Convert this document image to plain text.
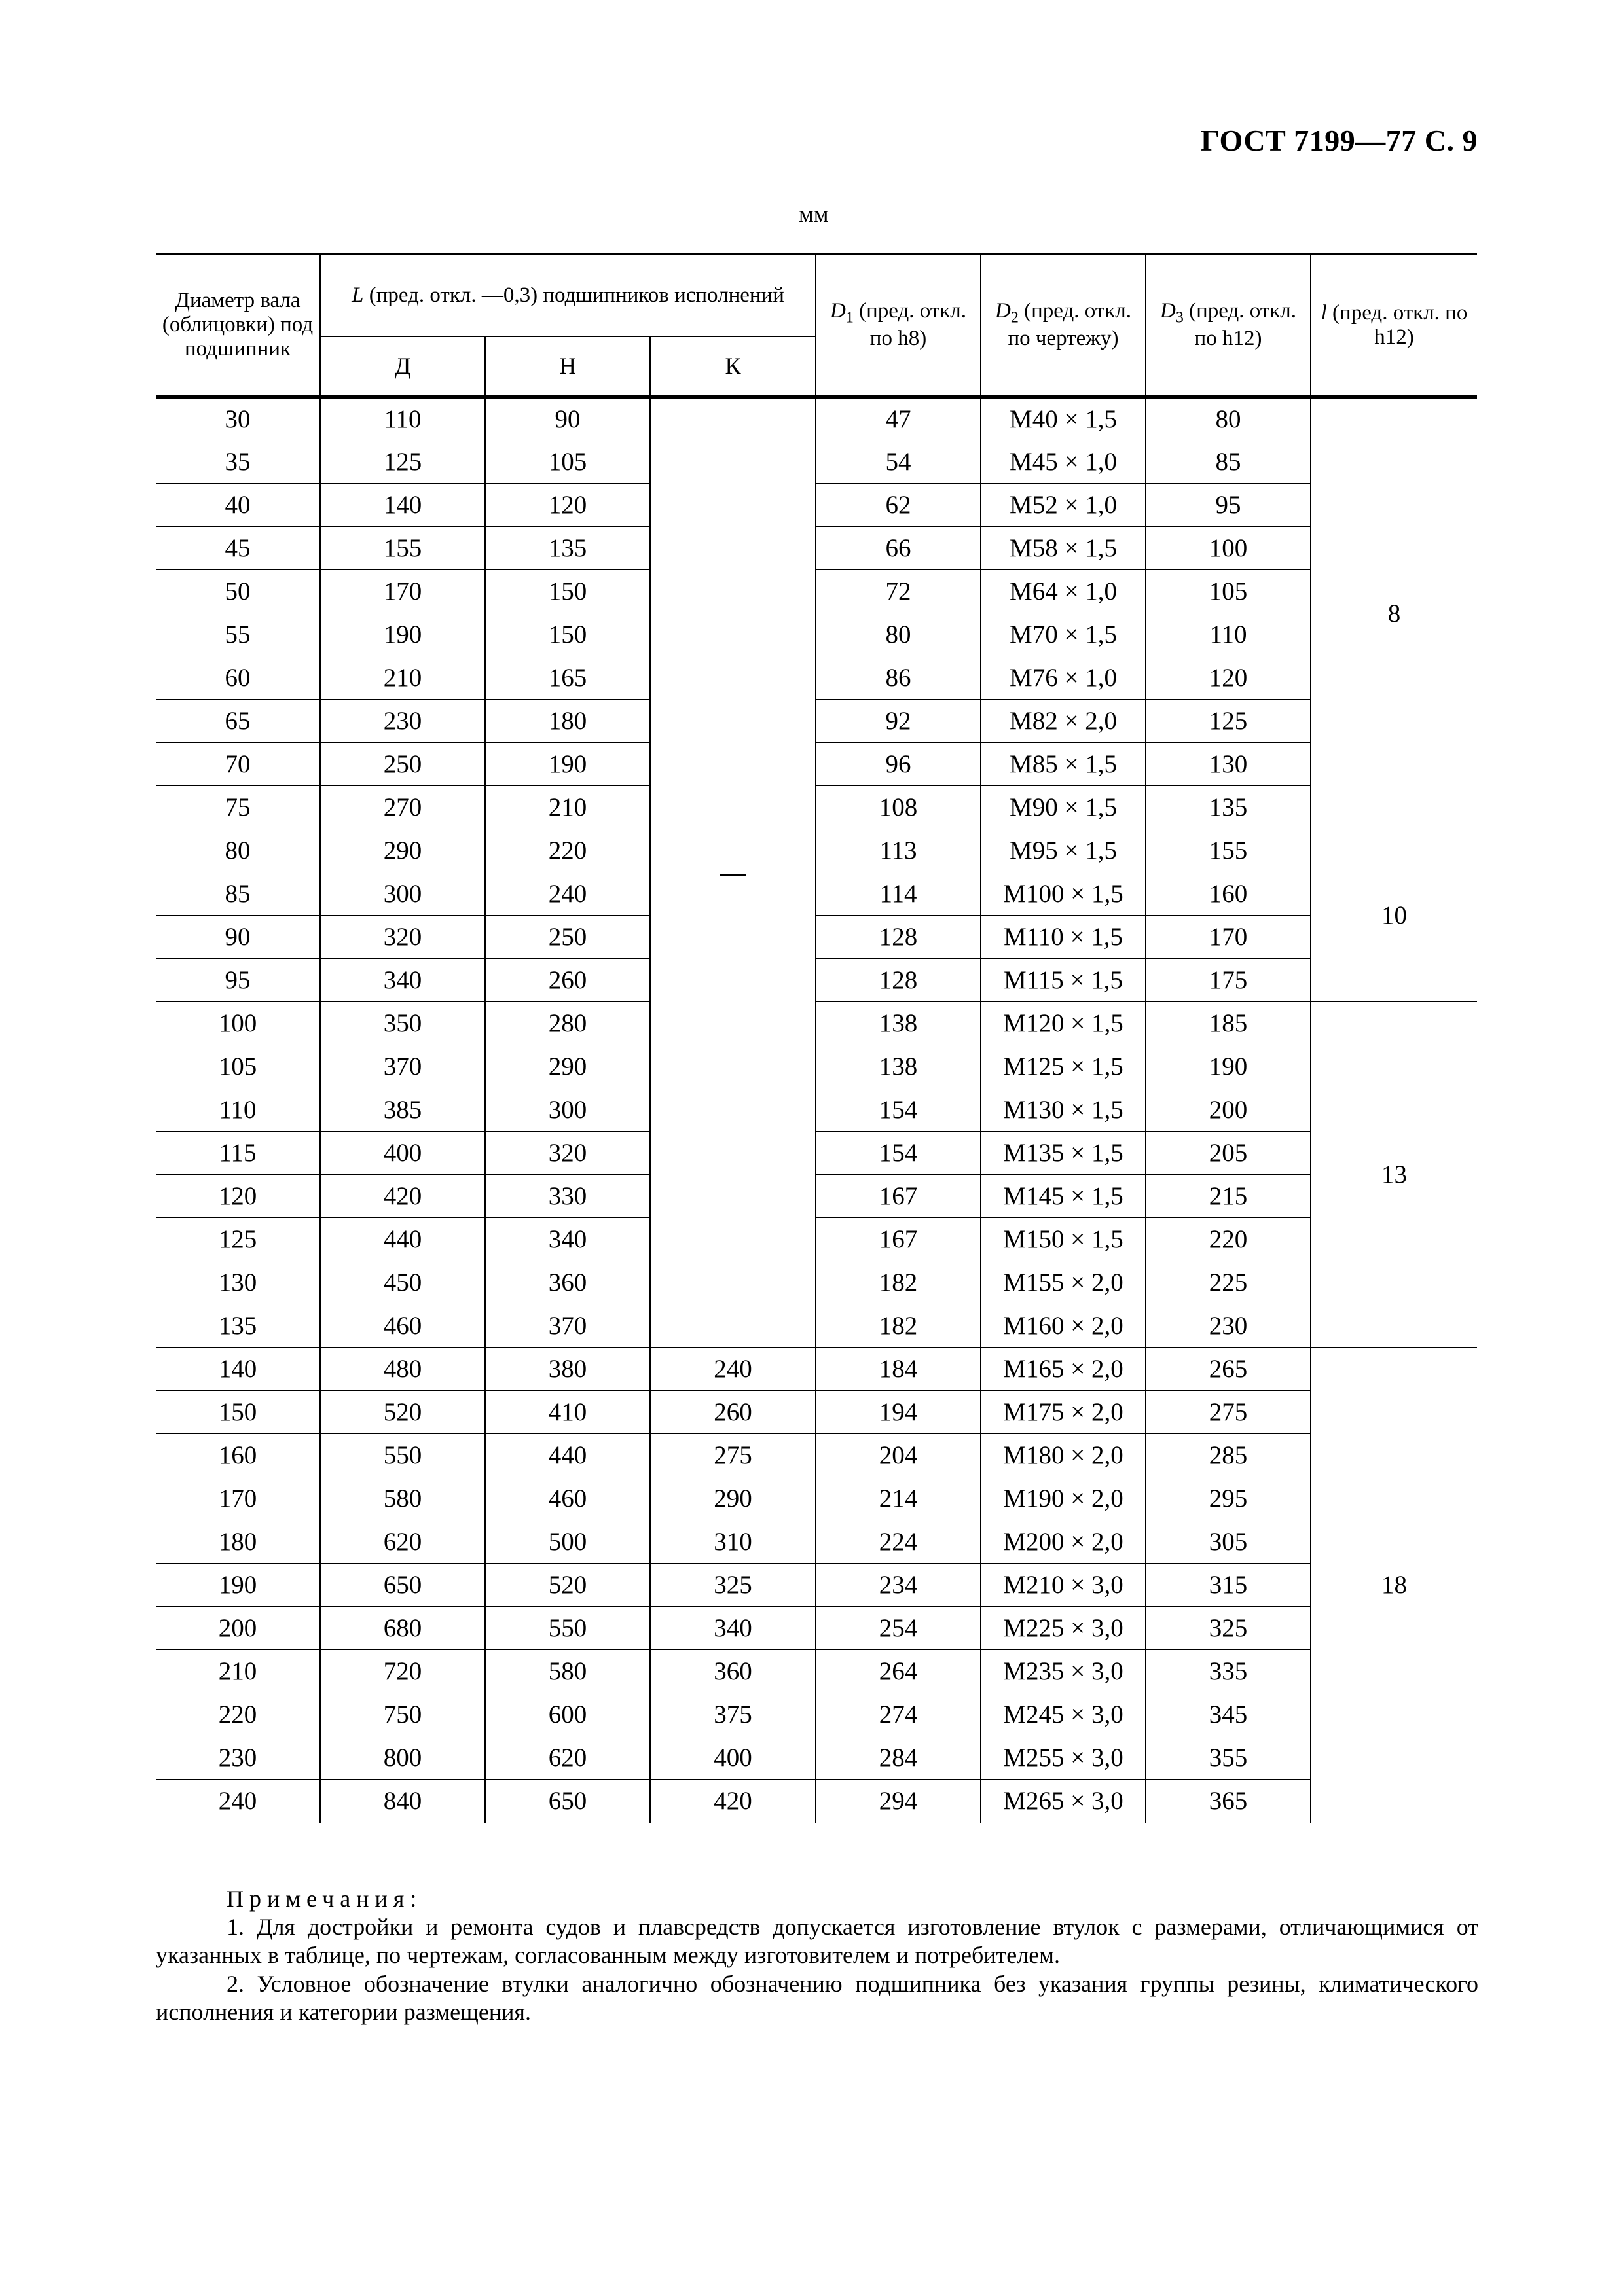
ГОСТ 7199—77 С. 9
мм
Диаметр вала (облицовки) под подшипник	L (пред. откл. —0,3) подшипников исполнений			$D_1$ (пред. откл. по h8)	$D_2$ (пред. откл. по чертежу)	$D_3$ (пред. откл. по h12)	l (пред. откл. по h12)
	Д	Н	К				
30	110	90	—	47	M40 × 1,5	80	8
35	125	105		54	M45 × 1,0	85	
40	140	120		62	M52 × 1,0	95	
45	155	135		66	M58 × 1,5	100	
50	170	150		72	M64 × 1,0	105	
55	190	150		80	M70 × 1,5	110	
60	210	165		86	M76 × 1,0	120	
65	230	180		92	M82 × 2,0	125	
70	250	190		96	M85 × 1,5	130	
75	270	210		108	M90 × 1,5	135	
80	290	220		113	M95 × 1,5	155	10
85	300	240		114	M100 × 1,5	160	
90	320	250		128	M110 × 1,5	170	
95	340	260		128	M115 × 1,5	175	
100	350	280		138	M120 × 1,5	185	13
105	370	290		138	M125 × 1,5	190	
110	385	300		154	M130 × 1,5	200	
115	400	320		154	M135 × 1,5	205	
120	420	330		167	M145 × 1,5	215	
125	440	340		167	M150 × 1,5	220	
130	450	360		182	M155 × 2,0	225	
135	460	370		182	M160 × 2,0	230	
140	480	380	240	184	M165 × 2,0	265	18
150	520	410	260	194	M175 × 2,0	275	
160	550	440	275	204	M180 × 2,0	285	
170	580	460	290	214	M190 × 2,0	295	
180	620	500	310	224	M200 × 2,0	305	
190	650	520	325	234	M210 × 3,0	315	
200	680	550	340	254	M225 × 3,0	325	
210	720	580	360	264	M235 × 3,0	335	
220	750	600	375	274	M245 × 3,0	345	
230	800	620	400	284	M255 × 3,0	355	
240	840	650	420	294	M265 × 3,0	365	
Примечания:

1. Для достройки и ремонта судов и плавсредств допускается изготовление втулок с размерами, отличающимися от указанных в таблице, по чертежам, согласованным между изготовителем и потребителем.

2. Условное обозначение втулки аналогично обозначению подшипника без указания группы резины, климатического исполнения и категории размещения.
